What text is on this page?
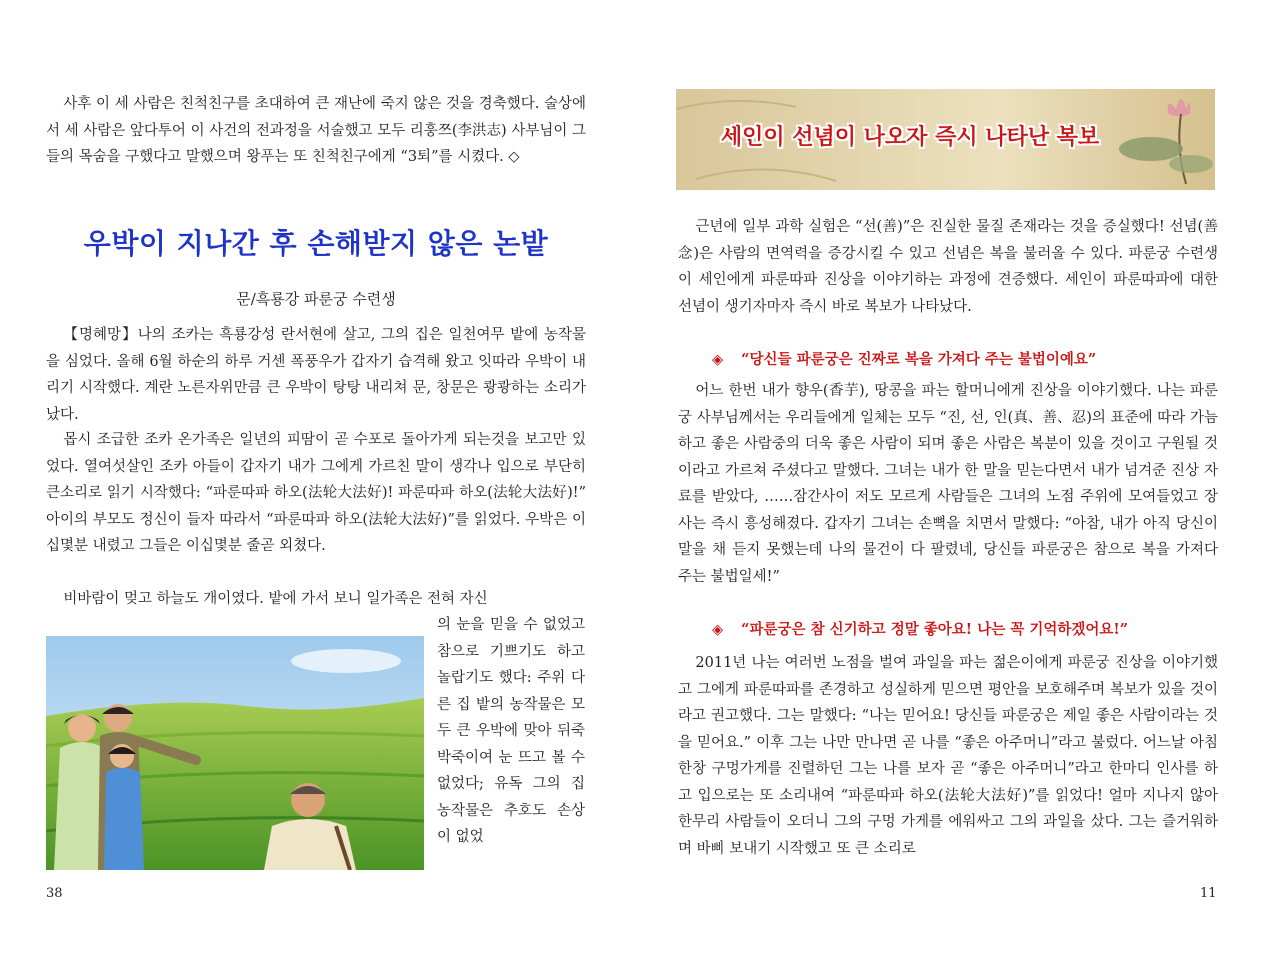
사후 이 세 사람은 친척친구를 초대하여 큰 재난에 죽지 않은 것을 경축했다. 술상에서 세 사람은 앞다투어 이 사건의 전과정을 서술했고 모두 리훙쯔(李洪志) 사부님이 그들의 목숨을 구했다고 말했으며 왕푸는 또 친척친구에게 “3퇴”를 시켰다. ◇

우박이 지나간 후 손해받지 않은 논밭
문/흑룡강 파룬궁 수련생

【명혜망】나의 조카는 흑룡강성 란서현에 살고, 그의 집은 일천여무 밭에 농작물을 심었다. 올해 6월 하순의 하루 거센 폭풍우가 갑자기 습격해 왔고 잇따라 우박이 내리기 시작했다. 계란 노른자위만큼 큰 우박이 탕탕 내리쳐 문, 창문은 쾅쾅하는 소리가 났다.

몹시 조급한 조카 온가족은 일년의 피땀이 곧 수포로 돌아가게 되는것을 보고만 있었다. 열여섯살인 조카 아들이 갑자기 내가 그에게 가르친 말이 생각나 입으로 부단히 큰소리로 읽기 시작했다: “파룬따파 하오(法轮大法好)! 파룬따파 하오(法轮大法好)!” 아이의 부모도 정신이 들자 따라서 “파룬따파 하오(法轮大法好)”를 읽었다. 우박은 이십몇분 내렸고 그들은 이십몇분 줄곧 외쳤다.

비바람이 멎고 하늘도 개이였다. 밭에 가서 보니 일가족은 전혀 자신

의 눈을 믿을 수 없었고 참으로 기쁘기도 하고 놀랍기도 했다: 주위 다른 집 밭의 농작물은 모두 큰 우박에 맞아 뒤죽박죽이여 눈 뜨고 볼 수 없었다; 유독 그의 집 농작물은 추호도 손상이 없었

38
세인이 선념이 나오자 즉시 나타난 복보

근년에 일부 과학 실험은 “선(善)”은 진실한 물질 존재라는 것을 증실했다! 선념(善念)은 사람의 면역력을 증강시킬 수 있고 선념은 복을 불러올 수 있다. 파룬궁 수련생이 세인에게 파룬따파 진상을 이야기하는 과정에 견증했다. 세인이 파룬따파에 대한 선념이 생기자마자 즉시 바로 복보가 나타났다.

◈ “당신들 파룬궁은 진짜로 복을 가져다 주는 불법이예요”

어느 한번 내가 향우(香芋), 땅콩을 파는 할머니에게 진상을 이야기했다. 나는 파룬궁 사부님께서는 우리들에게 일체는 모두 “진, 선, 인(真、善、忍)의 표준에 따라 가늠하고 좋은 사람중의 더욱 좋은 사람이 되며 좋은 사람은 복분이 있을 것이고 구원될 것이라고 가르쳐 주셨다고 말했다. 그녀는 내가 한 말을 믿는다면서 내가 넘겨준 진상 자료를 받았다, ……잠간사이 저도 모르게 사람들은 그녀의 노점 주위에 모여들었고 장사는 즉시 흥성해졌다. 갑자기 그녀는 손뼉을 치면서 말했다: “아참, 내가 아직 당신이 말을 채 듣지 못했는데 나의 물건이 다 팔렸네, 당신들 파룬궁은 참으로 복을 가져다 주는 불법일세!”

◈ “파룬궁은 참 신기하고 정말 좋아요! 나는 꼭 기억하겠어요!”

2011년 나는 여러번 노점을 벌여 과일을 파는 젊은이에게 파룬궁 진상을 이야기했고 그에게 파룬따파를 존경하고 성실하게 믿으면 평안을 보호해주며 복보가 있을 것이라고 권고했다. 그는 말했다: “나는 믿어요! 당신들 파룬궁은 제일 좋은 사람이라는 것을 믿어요.” 이후 그는 나만 만나면 곧 나를 “좋은 아주머니”라고 불렀다. 어느날 아침 한창 구멍가게를 진렬하던 그는 나를 보자 곧 “좋은 아주머니”라고 한마디 인사를 하고 입으로는 또 소리내여 “파룬따파 하오(法轮大法好)”를 읽었다! 얼마 지나지 않아 한무리 사람들이 오더니 그의 구멍 가게를 에워싸고 그의 과일을 샀다. 그는 즐거워하며 바삐 보내기 시작했고 또 큰 소리로

11
